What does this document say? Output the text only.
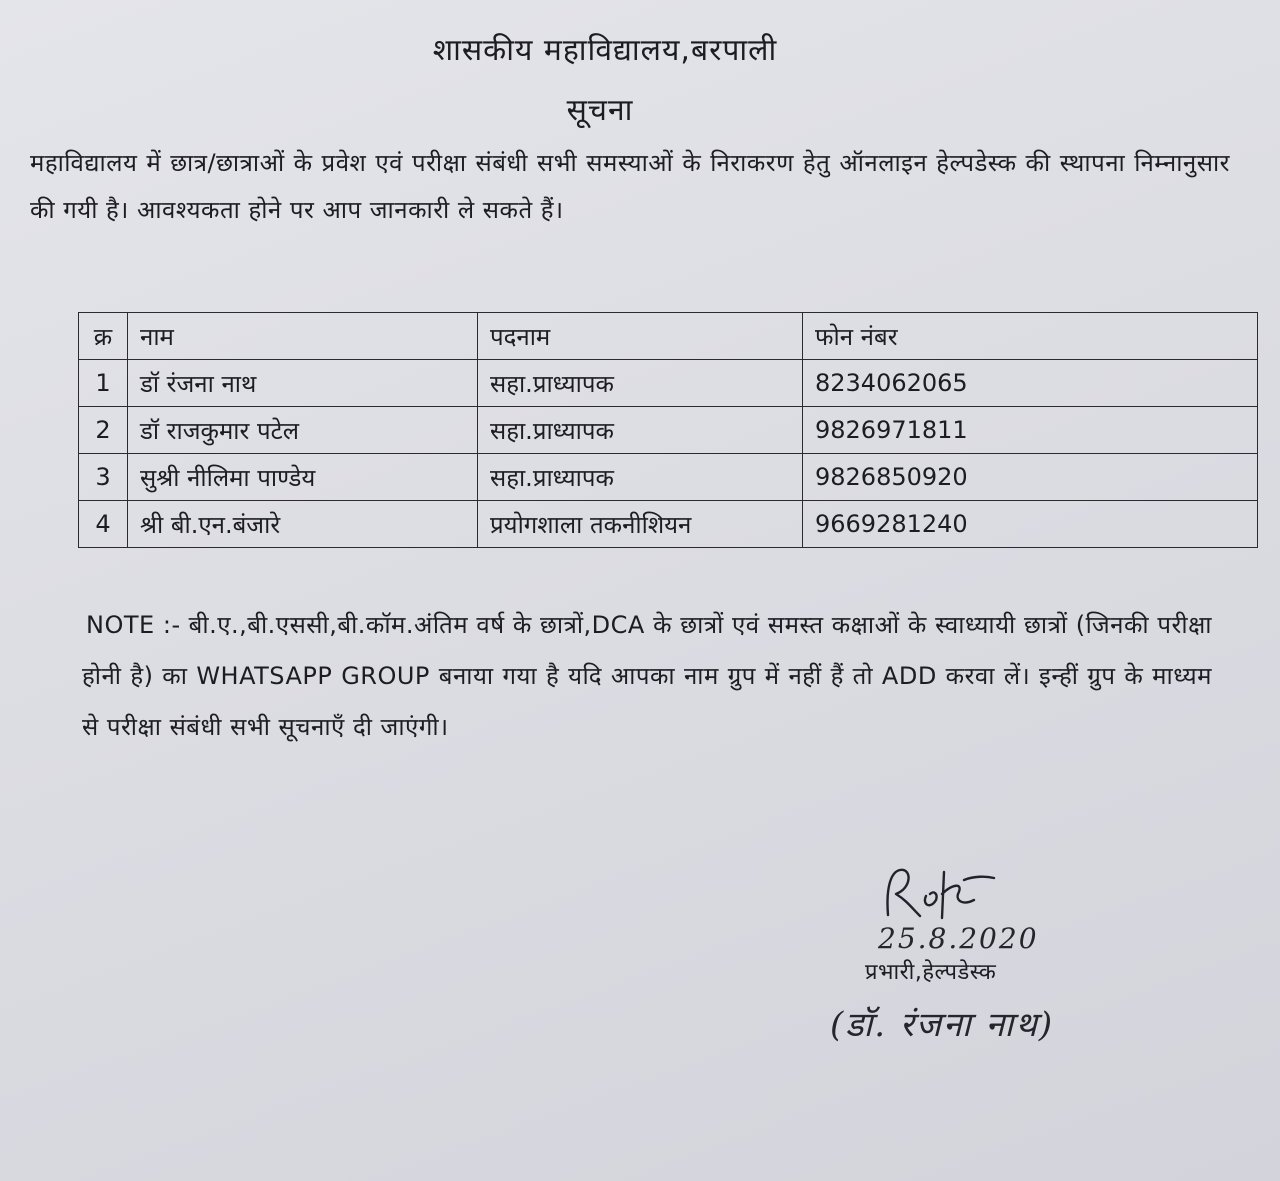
शासकीय महाविद्यालय,बरपाली
सूचना
महाविद्यालय में छात्र/छात्राओं के प्रवेश एवं परीक्षा संबंधी सभी समस्याओं के निराकरण हेतु ऑनलाइन हेल्पडेस्क की स्थापना निम्नानुसार की गयी है। आवश्यकता होने पर आप जानकारी ले सकते हैं।
क्र	नाम	पदनाम	फोन नंबर
1	डॉ रंजना नाथ	सहा.प्राध्यापक	8234062065
2	डॉ राजकुमार पटेल	सहा.प्राध्यापक	9826971811
3	सुश्री नीलिमा पाण्डेय	सहा.प्राध्यापक	9826850920
4	श्री बी.एन.बंजारे	प्रयोगशाला तकनीशियन	9669281240
NOTE :- बी.ए.,बी.एससी,बी.कॉम.अंतिम वर्ष के छात्रों,DCA के छात्रों एवं समस्त कक्षाओं के स्वाध्यायी छात्रों (जिनकी परीक्षा होनी है) का WHATSAPP GROUP बनाया गया है यदि आपका नाम ग्रुप में नहीं हैं तो ADD करवा लें। इन्हीं ग्रुप के माध्यम से परीक्षा संबंधी सभी सूचनाएँ दी जाएंगी।
25.8.2020
प्रभारी,हेल्पडेस्क
(डॉ. रंजना नाथ)
